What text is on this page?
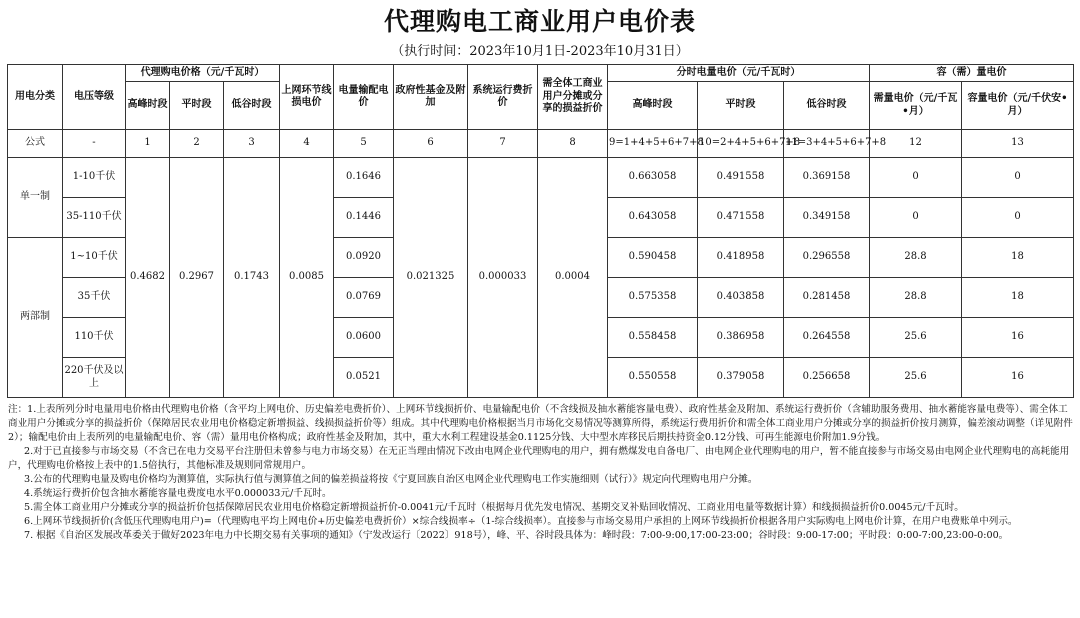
代理购电工商业用户电价表
（执行时间：2023年10月1日-2023年10月31日）
用电分类	电压等级	代理购电价格（元/千瓦时）			上网环节线损电价	电量输配电价	政府性基金及附加	系统运行费折价	需全体工商业用户分摊或分享的损益折价	分时电量电价（元/千瓦时）			容（需）量电价	
		高峰时段	平时段	低谷时段						高峰时段	平时段	低谷时段	需量电价（元/千瓦•月）	容量电价（元/千伏安•月）
公式	-	1	2	3	4	5	6	7	8	9=1+4+5+6+7+8	10=2+4+5+6+7+8	11=3+4+5+6+7+8	12	13
单一制	1-10千伏	0.4682	0.2967	0.1743	0.0085	0.1646	0.021325	0.000033	0.0004	0.663058	0.491558	0.369158	0	0
	35-110千伏					0.1446				0.643058	0.471558	0.349158	0	0
两部制	1~10千伏					0.0920				0.590458	0.418958	0.296558	28.8	18
	35千伏					0.0769				0.575358	0.403858	0.281458	28.8	18
	110千伏					0.0600				0.558458	0.386958	0.264558	25.6	16
	220千伏及以上					0.0521				0.550558	0.379058	0.256658	25.6	16

注：1.上表所列分时电量用电价格由代理购电价格（含平均上网电价、历史偏差电费折价）、上网环节线损折价、电量输配电价（不含线损及抽水蓄能容量电费）、政府性基金及附加、系统运行费折价（含辅助服务费用、抽水蓄能容量电费等）、需全体工商业用户分摊或分享的损益折价（保障居民农业用电价格稳定新增损益、线损损益折价等）组成。其中代理购电价格根据当月市场化交易情况等测算所得，系统运行费用折价和需全体工商业用户分摊或分享的损益折价按月测算，偏差滚动调整（详见附件2）；输配电价由上表所列的电量输配电价、容（需）量用电价格构成；政府性基金及附加，其中，重大水利工程建设基金0.1125分钱、大中型水库移民后期扶持资金0.12分钱、可再生能源电价附加1.9分钱。

2.对于已直接参与市场交易（不含已在电力交易平台注册但未曾参与电力市场交易）在无正当理由情况下改由电网企业代理购电的用户，拥有燃煤发电自备电厂、由电网企业代理购电的用户，暂不能直接参与市场交易由电网企业代理购电的高耗能用户，代理购电价格按上表中的1.5倍执行，其他标准及规则同常规用户。

3.公布的代理购电量及购电价格均为测算值，实际执行值与测算值之间的偏差损益将按《宁夏回族自治区电网企业代理购电工作实施细则（试行）》规定向代理购电用户分摊。

4.系统运行费折价包含抽水蓄能容量电费度电水平0.000033元/千瓦时。

5.需全体工商业用户分摊或分享的损益折价包括保障居民农业用电价格稳定新增损益折价-0.0041元/千瓦时（根据每月优先发电情况、基期交叉补贴回收情况、工商业用电量等数据计算）和线损损益折价0.0045元/千瓦时。

6.上网环节线损折价(含低压代理购电用户)=（代理购电平均上网电价+历史偏差电费折价）×综合线损率÷（1-综合线损率）。直接参与市场交易用户承担的上网环节线损折价根据各用户实际购电上网电价计算，在用户电费账单中列示。

7. 根据《自治区发展改革委关于做好2023年电力中长期交易有关事项的通知》（宁发改运行〔2022〕918号），峰、平、谷时段具体为：峰时段：7:00-9:00,17:00-23:00；谷时段：9:00-17:00；平时段：0:00-7:00,23:00-0:00。
